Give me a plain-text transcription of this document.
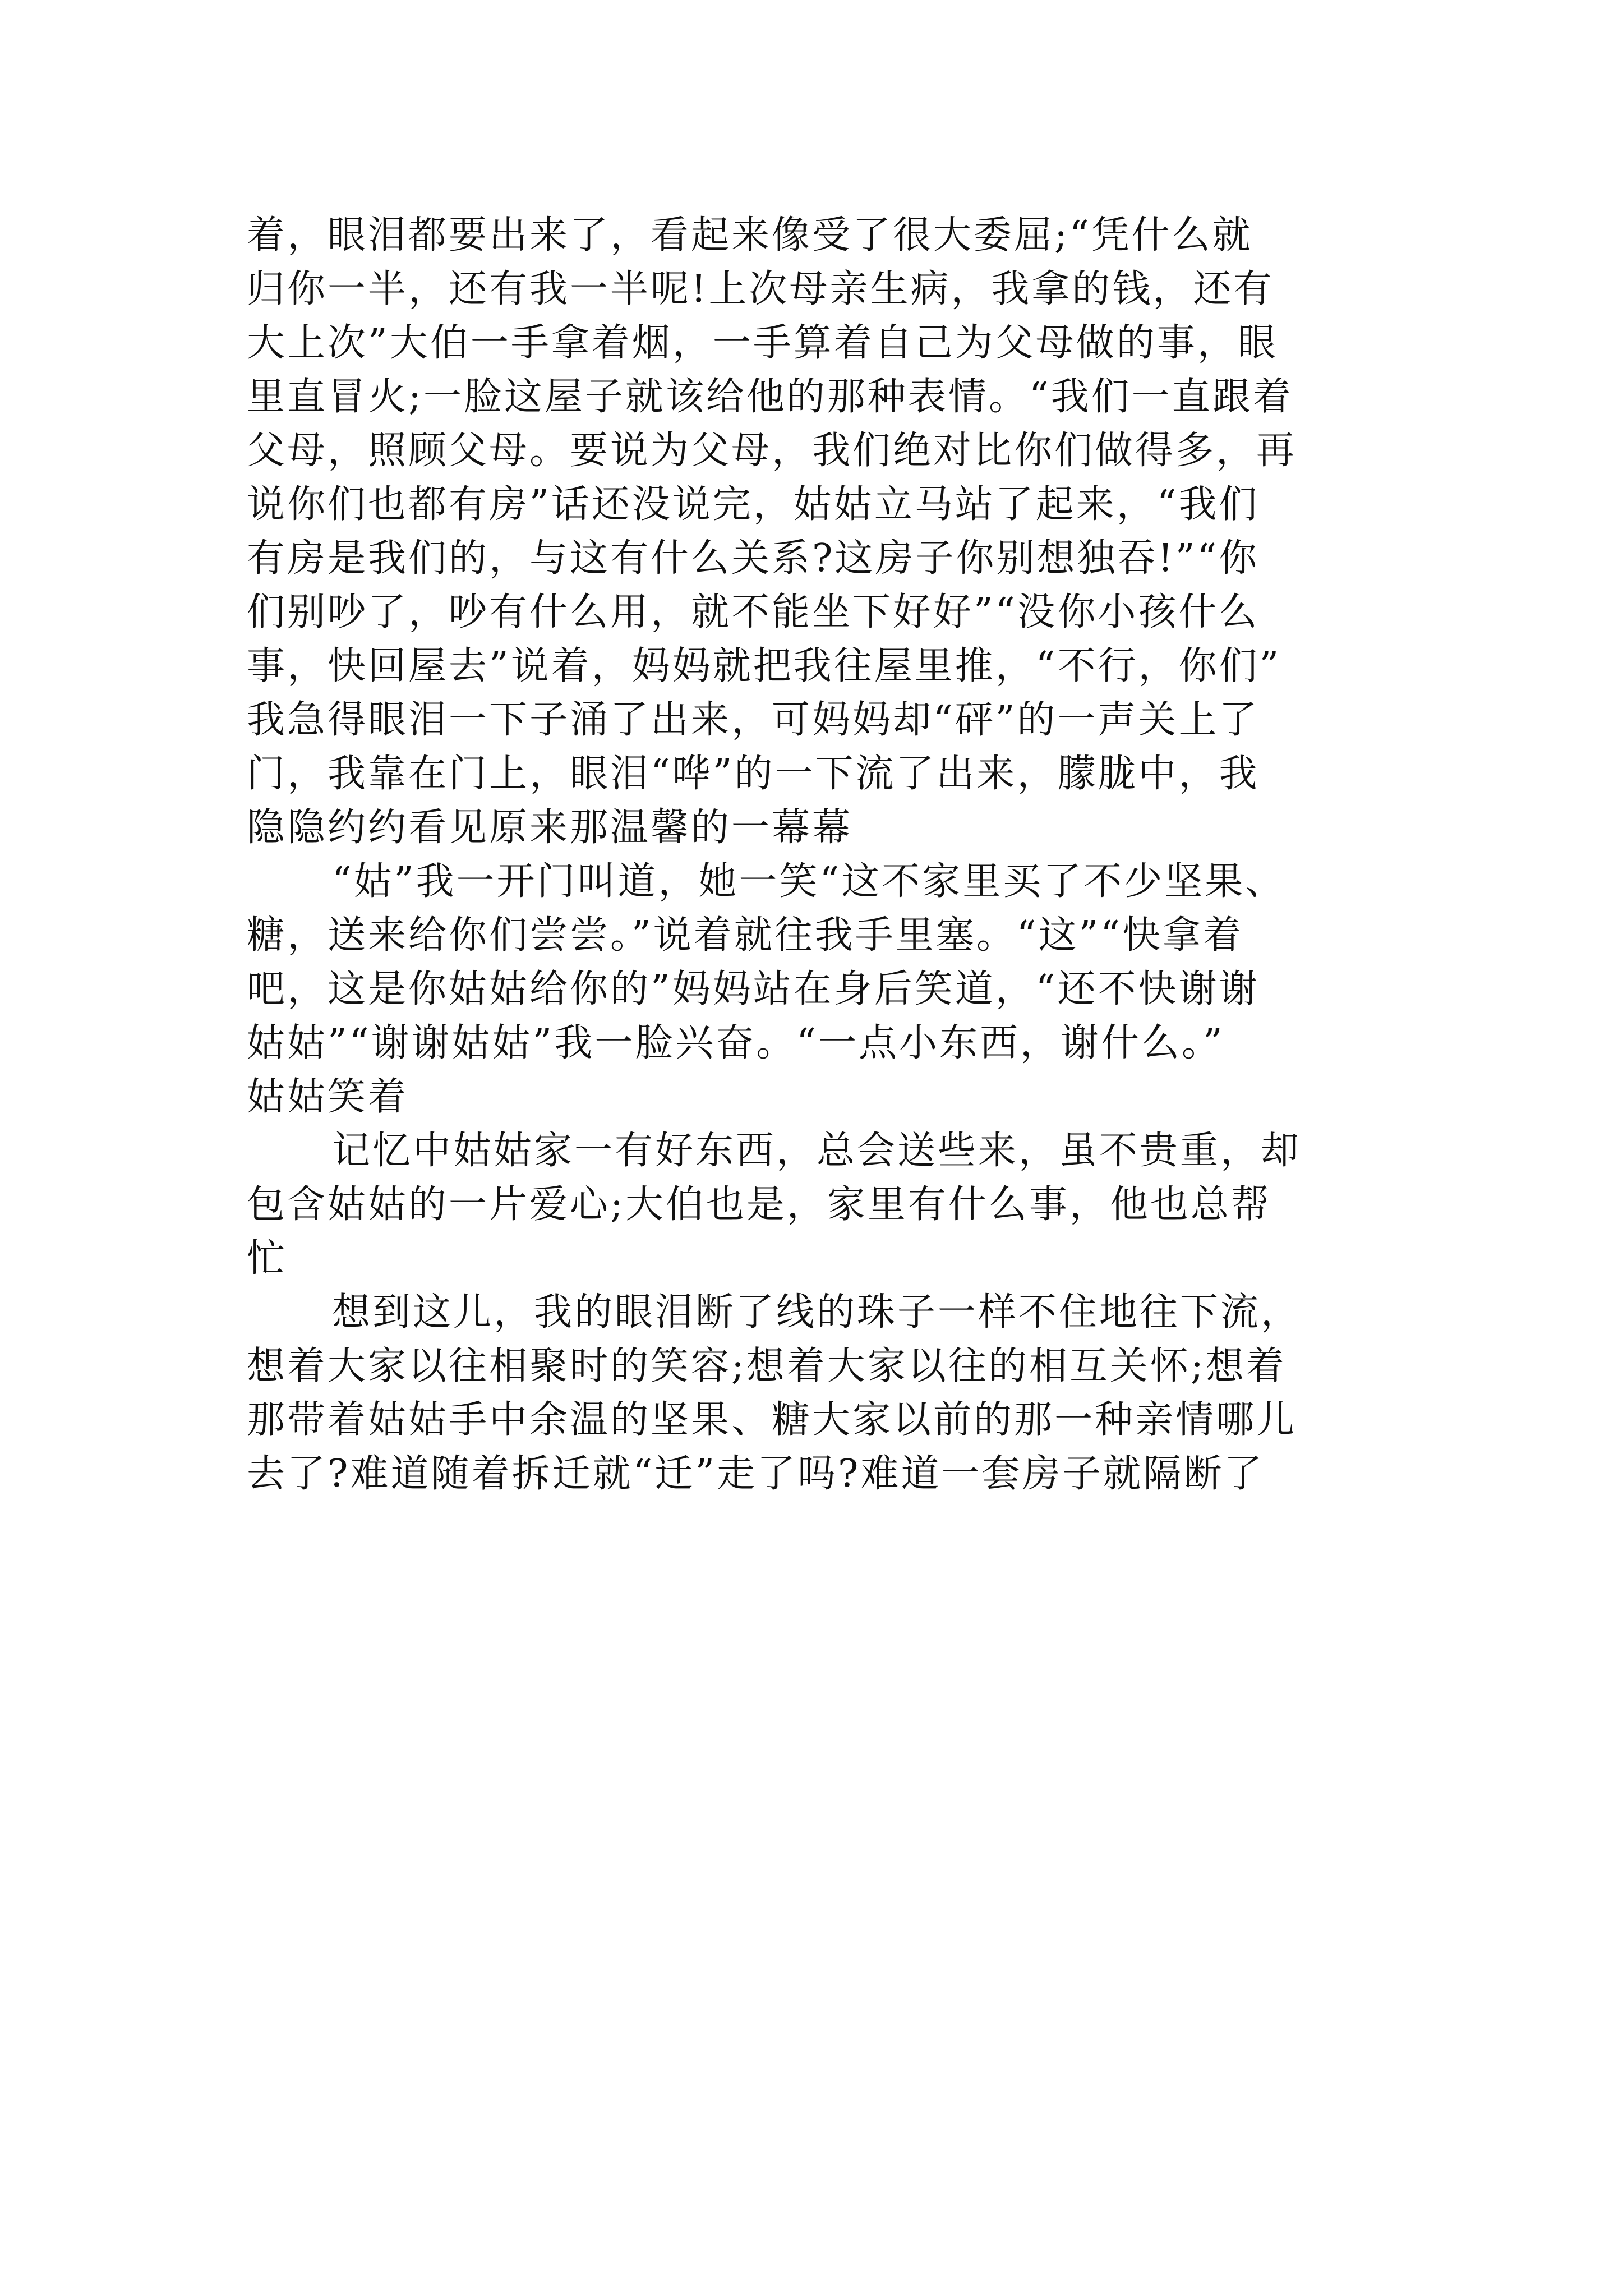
着，眼泪都要出来了，看起来像受了很大委屈;“凭什么就
归你一半，还有我一半呢!上次母亲生病，我拿的钱，还有
大上次”大伯一手拿着烟，一手算着自己为父母做的事，眼
里直冒火;一脸这屋子就该给他的那种表情。“我们一直跟着
父母，照顾父母。要说为父母，我们绝对比你们做得多，再
说你们也都有房”话还没说完，姑姑立马站了起来，“我们
有房是我们的，与这有什么关系?这房子你别想独吞!”“你
们别吵了，吵有什么用，就不能坐下好好”“没你小孩什么
事，快回屋去”说着，妈妈就把我往屋里推，“不行，你们”
我急得眼泪一下子涌了出来，可妈妈却“砰”的一声关上了
门，我靠在门上，眼泪“哗”的一下流了出来，朦胧中，我
隐隐约约看见原来那温馨的一幕幕
“姑”我一开门叫道，她一笑“这不家里买了不少坚果、
糖，送来给你们尝尝。”说着就往我手里塞。“这”“快拿着
吧，这是你姑姑给你的”妈妈站在身后笑道，“还不快谢谢
姑姑”“谢谢姑姑”我一脸兴奋。“一点小东西，谢什么。”
姑姑笑着
记忆中姑姑家一有好东西，总会送些来，虽不贵重，却
包含姑姑的一片爱心;大伯也是，家里有什么事，他也总帮
忙
想到这儿，我的眼泪断了线的珠子一样不住地往下流，
想着大家以往相聚时的笑容;想着大家以往的相互关怀;想着
那带着姑姑手中余温的坚果、糖大家以前的那一种亲情哪儿
去了?难道随着拆迁就“迁”走了吗?难道一套房子就隔断了
